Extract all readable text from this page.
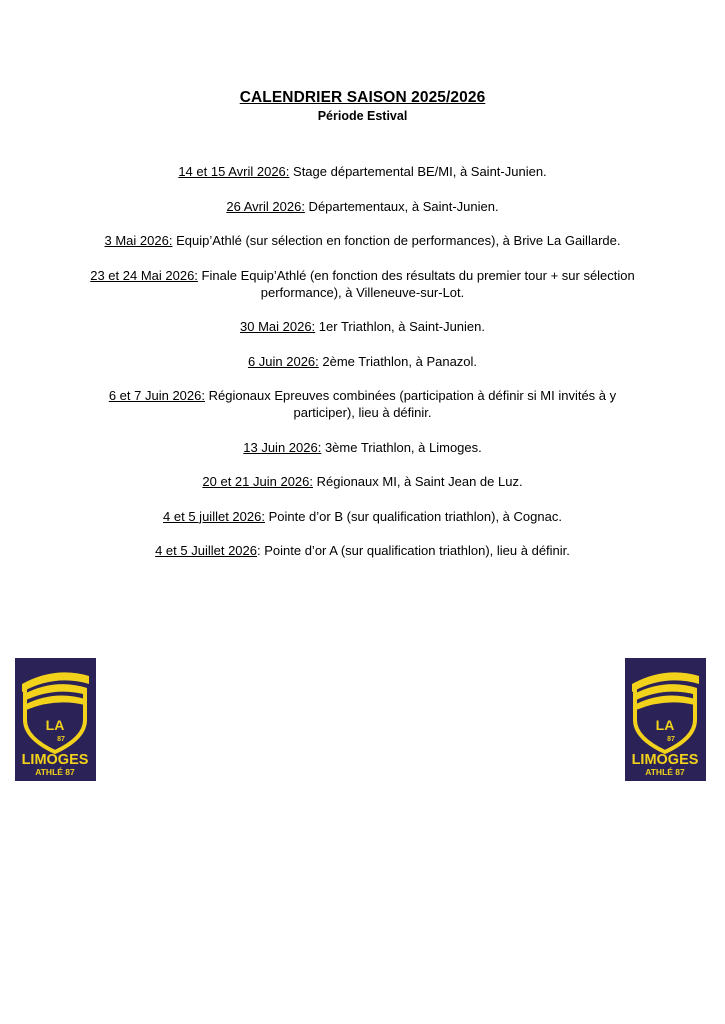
CALENDRIER SAISON 2025/2026
Période Estival
14 et 15 Avril 2026: Stage départemental BE/MI, à Saint-Junien.
26 Avril 2026: Départementaux, à Saint-Junien.
3 Mai 2026: Equip’Athlé (sur sélection en fonction de performances), à Brive La Gaillarde.
23 et 24 Mai 2026: Finale Equip’Athlé (en fonction des résultats du premier tour + sur sélection performance), à Villeneuve-sur-Lot.
30 Mai 2026: 1er Triathlon, à Saint-Junien.
6 Juin 2026: 2ème Triathlon, à Panazol.
6 et 7 Juin 2026: Régionaux Epreuves combinées (participation à définir si MI invités à y participer), lieu à définir.
13 Juin 2026: 3ème Triathlon, à Limoges.
20 et 21 Juin 2026: Régionaux MI, à Saint Jean de Luz.
4 et 5 juillet 2026: Pointe d’or B (sur qualification triathlon), à Cognac.
4 et 5 Juillet 2026: Pointe d’or A (sur qualification triathlon), lieu à définir.
LA
87
LIMOGES
ATHLÉ 87
LA
87
LIMOGES
ATHLÉ 87
